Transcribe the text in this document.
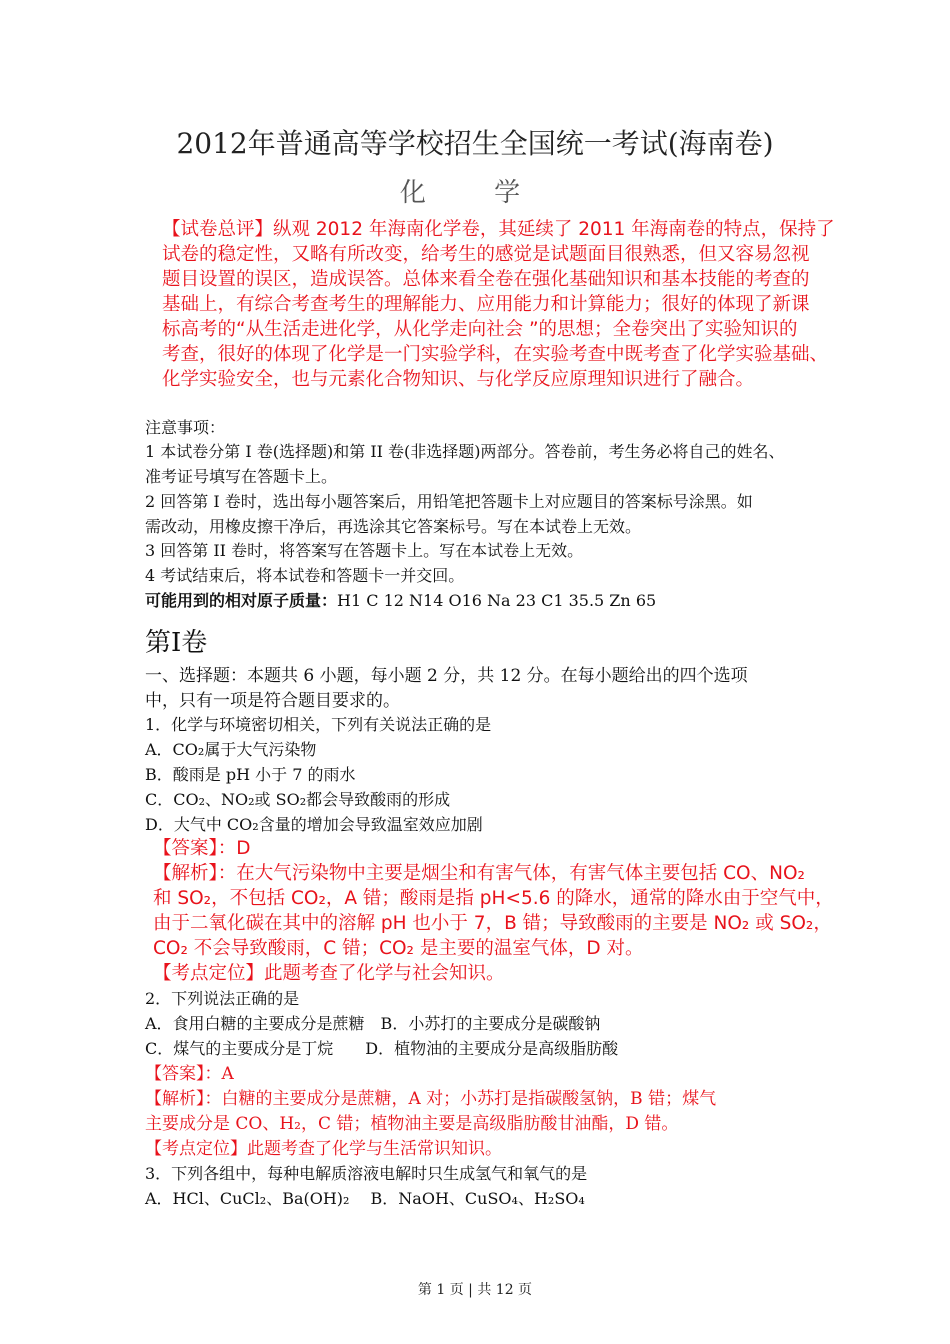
2012年普通高等学校招生全国统一考试(海南卷)
化 学
【试卷总评】纵观 2012 年海南化学卷，其延续了 2011 年海南卷的特点，保持了
试卷的稳定性，又略有所改变，给考生的感觉是试题面目很熟悉，但又容易忽视
题目设置的误区，造成误答。总体来看全卷在强化基础知识和基本技能的考查的
基础上，有综合考查考生的理解能力、应用能力和计算能力；很好的体现了新课
标高考的“从生活走进化学，从化学走向社会 ”的思想；全卷突出了实验知识的
考查，很好的体现了化学是一门实验学科，在实验考查中既考查了化学实验基础、
化学实验安全，也与元素化合物知识、与化学反应原理知识进行了融合。
注意事项：
1 本试卷分第 I 卷(选择题)和第 II 卷(非选择题)两部分。答卷前，考生务必将自己的姓名、
准考证号填写在答题卡上。
2 回答第 I 卷时，选出每小题答案后，用铅笔把答题卡上对应题目的答案标号涂黑。如
需改动，用橡皮擦干净后，再选涂其它答案标号。写在本试卷上无效。
3 回答第 II 卷时，将答案写在答题卡上。写在本试卷上无效。
4 考试结束后，将本试卷和答题卡一并交回。
可能用到的相对原子质量：H1 C 12 N14 O16 Na 23 C1 35.5 Zn 65
第I卷
一、选择题：本题共 6 小题，每小题 2 分，共 12 分。在每小题给出的四个选项
中，只有一项是符合题目要求的。
1．化学与环境密切相关，下列有关说法正确的是
A．CO₂属于大气污染物
B．酸雨是 pH 小于 7 的雨水
C．CO₂、NO₂或 SO₂都会导致酸雨的形成
D．大气中 CO₂含量的增加会导致温室效应加剧
【答案】：D
【解析】：在大气污染物中主要是烟尘和有害气体，有害气体主要包括 CO、NO₂
和 SO₂，不包括 CO₂，A 错；酸雨是指 pH<5.6 的降水，通常的降水由于空气中，
由于二氧化碳在其中的溶解 pH 也小于 7，B 错；导致酸雨的主要是 NO₂ 或 SO₂，
CO₂ 不会导致酸雨，C 错；CO₂ 是主要的温室气体，D 对。
【考点定位】此题考查了化学与社会知识。
2．下列说法正确的是
A．食用白糖的主要成分是蔗糖　B．小苏打的主要成分是碳酸钠
C．煤气的主要成分是丁烷　　D．植物油的主要成分是高级脂肪酸
【答案】：A
【解析】：白糖的主要成分是蔗糖，A 对；小苏打是指碳酸氢钠，B 错；煤气
主要成分是 CO、H₂，C 错；植物油主要是高级脂肪酸甘油酯，D 错。
【考点定位】此题考查了化学与生活常识知识。
3．下列各组中，每种电解质溶液电解时只生成氢气和氧气的是
A．HCl、CuCl₂、Ba(OH)₂　 B．NaOH、CuSO₄、H₂SO₄
第 1 页 | 共 12 页
